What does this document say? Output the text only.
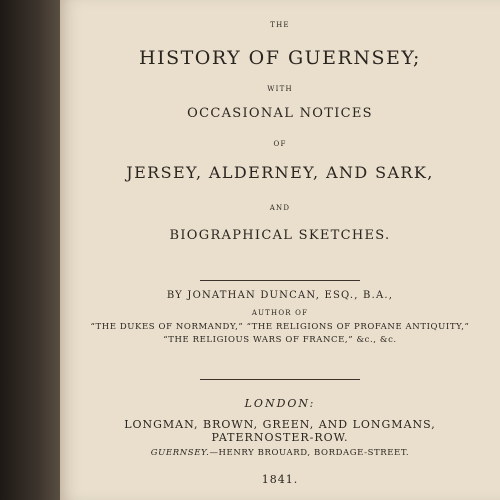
THE
HISTORY OF GUERNSEY;
WITH
OCCASIONAL NOTICES
OF
JERSEY, ALDERNEY, AND SARK,
AND
BIOGRAPHICAL SKETCHES.
BY JONATHAN DUNCAN, ESQ., B.A.,
AUTHOR OF
“THE DUKES OF NORMANDY,” “THE RELIGIONS OF PROFANE ANTIQUITY,”
“THE RELIGIOUS WARS OF FRANCE,” &c., &c.
LONDON:
LONGMAN, BROWN, GREEN, AND LONGMANS,
PATERNOSTER-ROW.
GUERNSEY.—HENRY BROUARD, BORDAGE-STREET.
1841.
